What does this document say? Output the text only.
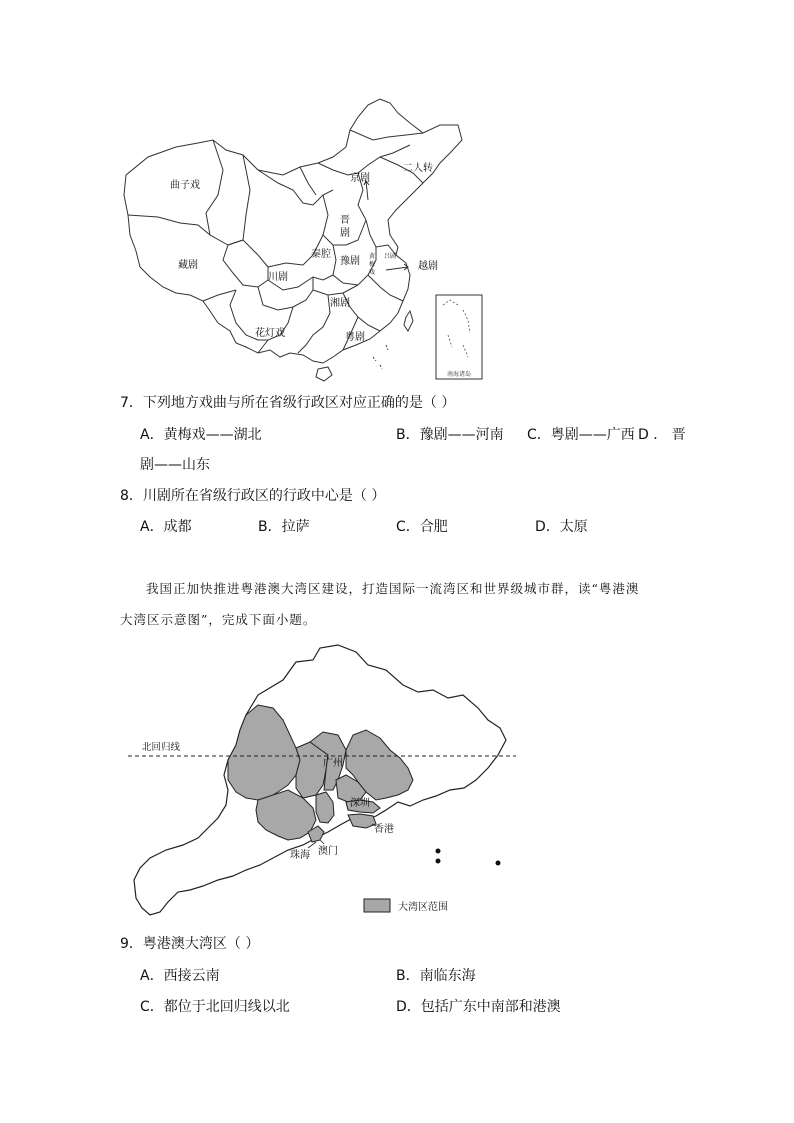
南海诸岛
曲子戏
藏剧
京剧
二人转
晋
剧
秦腔
豫剧	越剧
川剧
湘剧
花灯戏	粤剧
黄
梅
戏
吕剧
7．下列地方戏曲与所在省级行政区对应正确的是（ ）
A．黄梅戏——湖北	B．豫剧——河南 C．粤剧——广西 D ． 晋
剧——山东
8．川剧所在省级行政区的行政中心是（ ）
A．成都	B．拉萨	C．合肥	D．太原
我国正加快推进粤港澳大湾区建设，打造国际一流湾区和世界级城市群，读“粤港澳
大湾区示意图”，完成下面小题。
北回归线
广州
深圳
香港
珠海 澳门
大湾区范围
9．粤港澳大湾区（ ）
A．西接云南	B．南临东海
C．都位于北回归线以北	D．包括广东中南部和港澳
